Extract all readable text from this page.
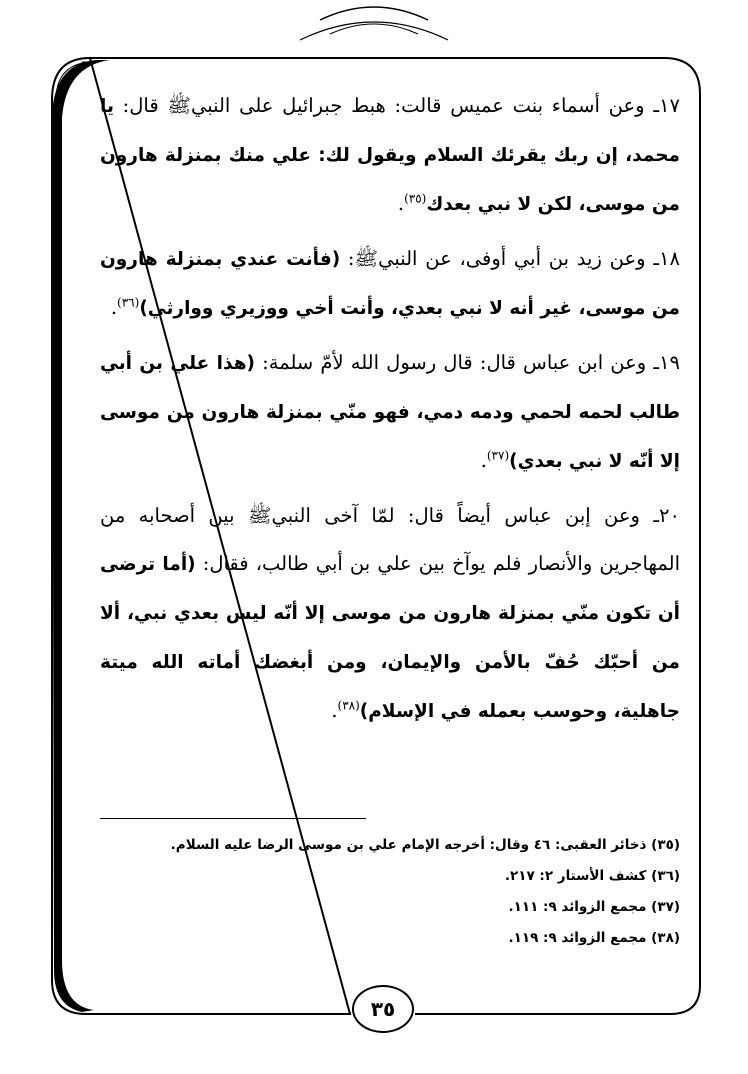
١٧ـ وعن أسماء بنت عميس قالت: هبط جبرائيل على النبيﷺ قال: يا محمد، إن ربك يقرئك السلام ويقول لك: علي منك بمنزلة هارون من موسى، لكن لا نبي بعدك$^{(٣٥)}$.

١٨ـ وعن زيد بن أبي أوفى، عن النبيﷺ: (فأنت عندي بمنزلة هارون من موسى، غير أنه لا نبي بعدي، وأنت أخي ووزيري ووارثي)$^{(٣٦)}$.

١٩ـ وعن ابن عباس قال: قال رسول الله لأمّ سلمة: (هذا علي بن أبي طالب لحمه لحمي ودمه دمي، فهو منّي بمنزلة هارون من موسى إلا أنّه لا نبي بعدي)$^{(٣٧)}$.

٢٠ـ وعن إبن عباس أيضاً قال: لمّا آخى النبيﷺ بين أصحابه من المهاجرين والأنصار فلم يوآخ بين علي بن أبي طالب، فقال: (أما ترضى أن تكون منّي بمنزلة هارون من موسى إلا أنّه ليس بعدي نبي، ألا من أحبّك حُفّ بالأمن والإيمان، ومن أبغضك أماته الله ميتة جاهلية، وحوسب بعمله في الإسلام)$^{(٣٨)}$.

(٣٥) ذخائر العقبى: ٤٦ وقال: أخرجه الإمام علي بن موسى الرضا عليه السلام.
(٣٦) كشف الأستار ٢: ٢١٧.
(٣٧) مجمع الزوائد ٩: ١١١.
(٣٨) مجمع الزوائد ٩: ١١٩.
٣٥
